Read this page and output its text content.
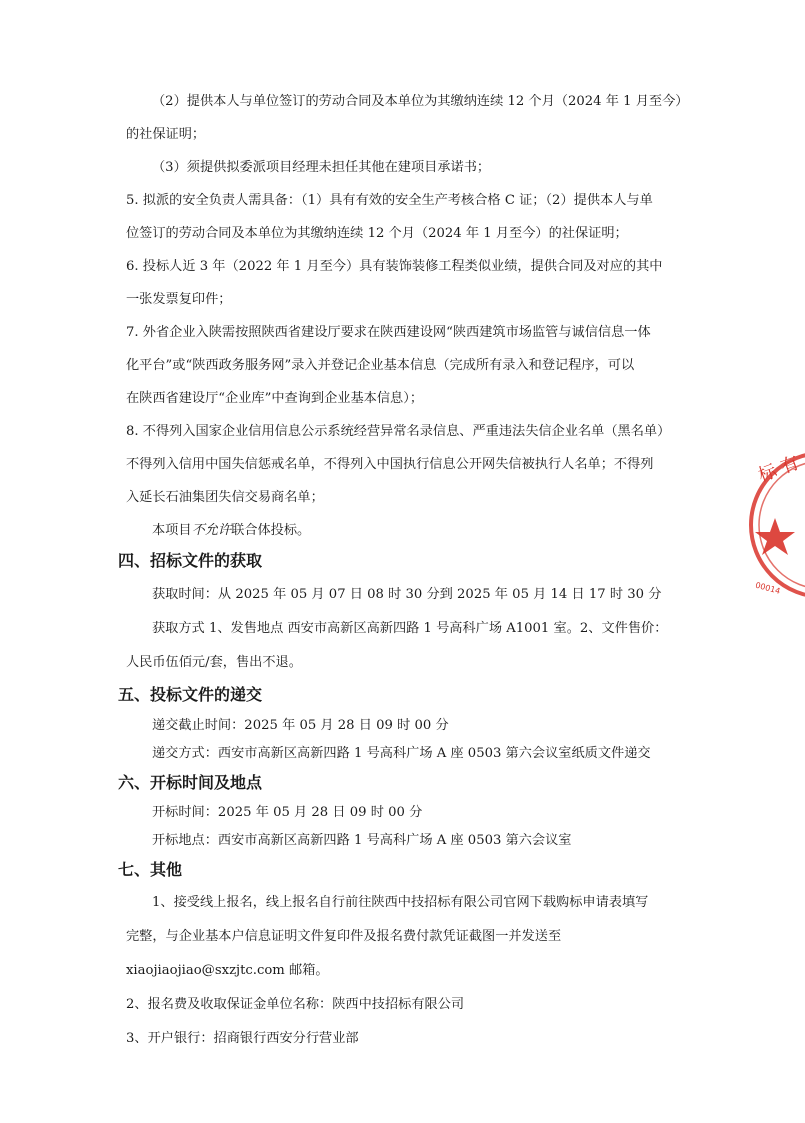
（2）提供本人与单位签订的劳动合同及本单位为其缴纳连续 12 个月（2024 年 1 月至今）
的社保证明；
（3）须提供拟委派项目经理未担任其他在建项目承诺书；
5. 拟派的安全负责人需具备：（1）具有有效的安全生产考核合格 C 证；（2）提供本人与单
位签订的劳动合同及本单位为其缴纳连续 12 个月（2024 年 1 月至今）的社保证明；
6. 投标人近 3 年（2022 年 1 月至今）具有装饰装修工程类似业绩，提供合同及对应的其中
一张发票复印件；
7. 外省企业入陕需按照陕西省建设厅要求在陕西建设网“陕西建筑市场监管与诚信信息一体
化平台”或“陕西政务服务网”录入并登记企业基本信息（完成所有录入和登记程序，可以
在陕西省建设厅“企业库”中查询到企业基本信息）；
8. 不得列入国家企业信用信息公示系统经营异常名录信息、严重违法失信企业名单（黑名单）
不得列入信用中国失信惩戒名单，不得列入中国执行信息公开网失信被执行人名单；不得列
入延长石油集团失信交易商名单；
本项目不允许联合体投标。
四、招标文件的获取
获取时间：从 2025 年 05 月 07 日 08 时 30 分到 2025 年 05 月 14 日 17 时 30 分
获取方式 1、发售地点 西安市高新区高新四路 1 号高科广场 A1001 室。2、文件售价：
人民币伍佰元/套，售出不退。
五、投标文件的递交
递交截止时间：2025 年 05 月 28 日 09 时 00 分
递交方式：西安市高新区高新四路 1 号高科广场 A 座 0503 第六会议室纸质文件递交
六、开标时间及地点
开标时间：2025 年 05 月 28 日 09 时 00 分
开标地点：西安市高新区高新四路 1 号高科广场 A 座 0503 第六会议室
七、其他
1、接受线上报名，线上报名自行前往陕西中技招标有限公司官网下载购标申请表填写
完整，与企业基本户信息证明文件复印件及报名费付款凭证截图一并发送至
xiaojiaojiao@sxzjtc.com 邮箱。
2、报名费及收取保证金单位名称：陕西中技招标有限公司
3、开户银行：招商银行西安分行营业部
标 有
00014
